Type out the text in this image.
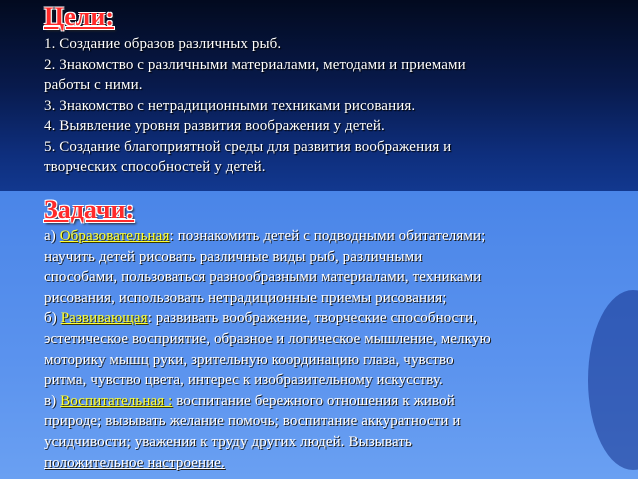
Цели:

1. Создание образов различных рыб.

2. Знакомство с различными материалами, методами и приемами

работы с ними.

3. Знакомство с нетрадиционными техниками рисования.

4. Выявление уровня развития воображения у детей.

5. Создание благоприятной среды для развития воображения и

творческих способностей у детей.

Задачи:

а) Образовательная: познакомить детей с подводными обитателями;

научить детей рисовать различные виды рыб, различными

способами, пользоваться разнообразными материалами, техниками

рисования, использовать нетрадиционные приемы рисования;

б) Развивающая: развивать воображение, творческие способности,

эстетическое восприятие, образное и логическое мышление, мелкую

моторику мышц руки, зрительную координацию глаза, чувство

ритма, чувство цвета, интерес к изобразительному искусству.

в) Воспитательная : воспитание бережного отношения к живой

природе; вызывать желание помочь; воспитание аккуратности и

усидчивости; уважения к труду других людей. Вызывать

положительное настроение.
